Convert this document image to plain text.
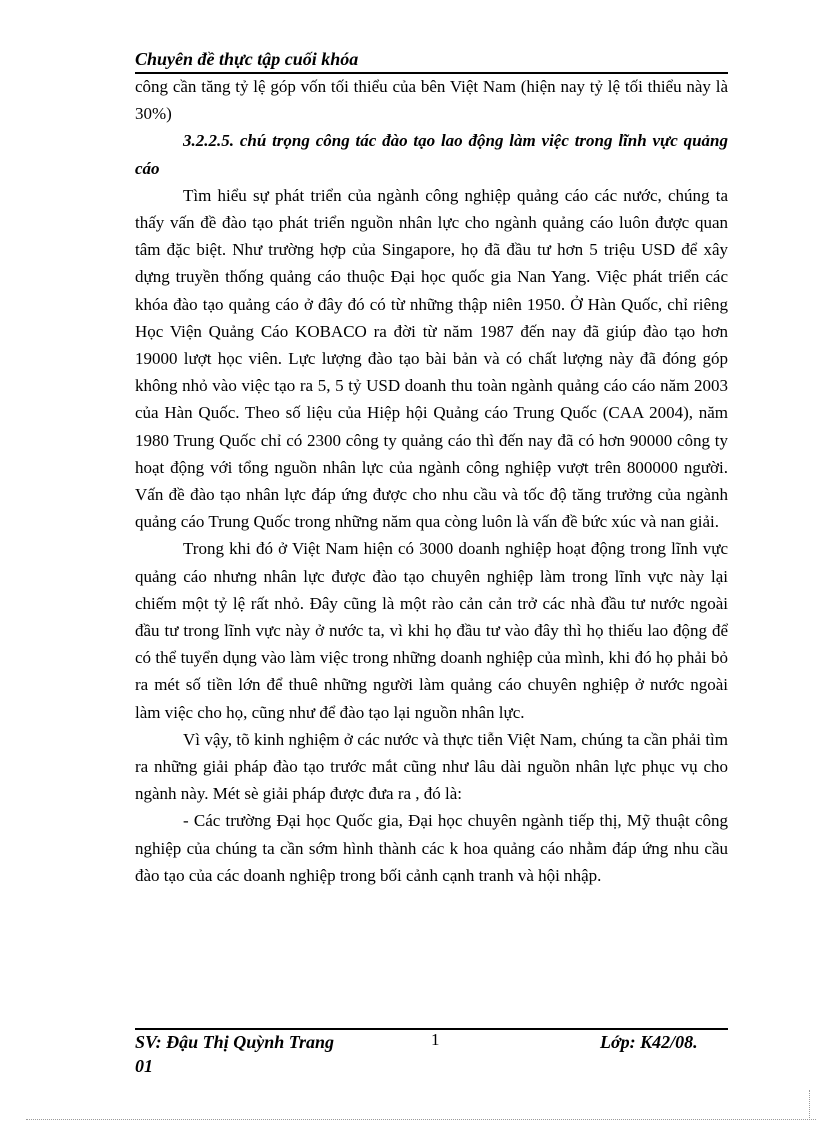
Chuyên đề thực tập cuối khóa

công cần tăng tỷ lệ góp vốn tối thiểu của bên Việt Nam (hiện nay tỷ lệ tối thiểu này là 30%)

3.2.2.5. chú trọng công tác đào tạo lao động làm việc trong lĩnh vực quảng cáo

Tìm hiểu sự phát triển của ngành công nghiệp quảng cáo các nước, chúng ta thấy vấn đề đào tạo phát triển nguồn nhân lực cho ngành quảng cáo luôn được quan tâm đặc biệt. Như trường hợp của Singapore, họ đã đầu tư hơn 5 triệu USD để xây dựng truyền thống quảng cáo thuộc Đại học quốc gia Nan Yang. Việc phát triển các khóa đào tạo quảng cáo ở đây đó có từ những thập niên 1950. Ở Hàn Quốc, chỉ riêng Học Viện Quảng Cáo KOBACO ra đời từ năm 1987 đến nay đã giúp đào tạo hơn 19000 lượt học viên. Lực lượng đào tạo bài bản và có chất lượng này đã đóng góp không nhỏ vào việc tạo ra 5, 5 tỷ USD doanh thu toàn ngành quảng cáo cáo năm 2003 của Hàn Quốc. Theo số liệu của Hiệp hội Quảng cáo Trung Quốc (CAA 2004), năm 1980 Trung Quốc chỉ có 2300 công ty quảng cáo thì đến nay đã có hơn 90000 công ty hoạt động với tổng nguồn nhân lực của ngành công nghiệp vượt trên 800000 người. Vấn đề đào tạo nhân lực đáp ứng được cho nhu cầu và tốc độ tăng trưởng của ngành quảng cáo Trung Quốc trong những năm qua còng luôn là vấn đề bức xúc và nan giải.

Trong khi đó ở Việt Nam hiện có 3000 doanh nghiệp hoạt động trong lĩnh vực quảng cáo nhưng nhân lực được đào tạo chuyên nghiệp làm trong lĩnh vực này lại chiếm một tỷ lệ rất nhỏ. Đây cũng là một rào cản cản trở các nhà đầu tư nước ngoài đầu tư trong lĩnh vực này ở nước ta, vì khi họ đầu tư vào đây thì họ thiếu lao động để có thể tuyển dụng vào làm việc trong những doanh nghiệp của mình, khi đó họ phải bỏ ra mét số tiền lớn để thuê những người làm quảng cáo chuyên nghiệp ở nước ngoài làm việc cho họ, cũng như để đào tạo lại nguồn nhân lực.

Vì vậy, tõ kinh nghiệm ở các nước và thực tiễn Việt Nam, chúng ta cần phải tìm ra những giải pháp đào tạo trước mắt cũng như lâu dài nguồn nhân lực phục vụ cho ngành này. Mét sè giải pháp được đưa ra , đó là:

- Các trường Đại học Quốc gia, Đại học chuyên ngành tiếp thị, Mỹ thuật công nghiệp của chúng ta cần sớm hình thành các k hoa quảng cáo nhằm đáp ứng nhu cầu đào tạo của các doanh nghiệp trong bối cảnh cạnh tranh và hội nhập.

SV: Đậu Thị Quỳnh Trang
01
1	Lớp: K42/08.
